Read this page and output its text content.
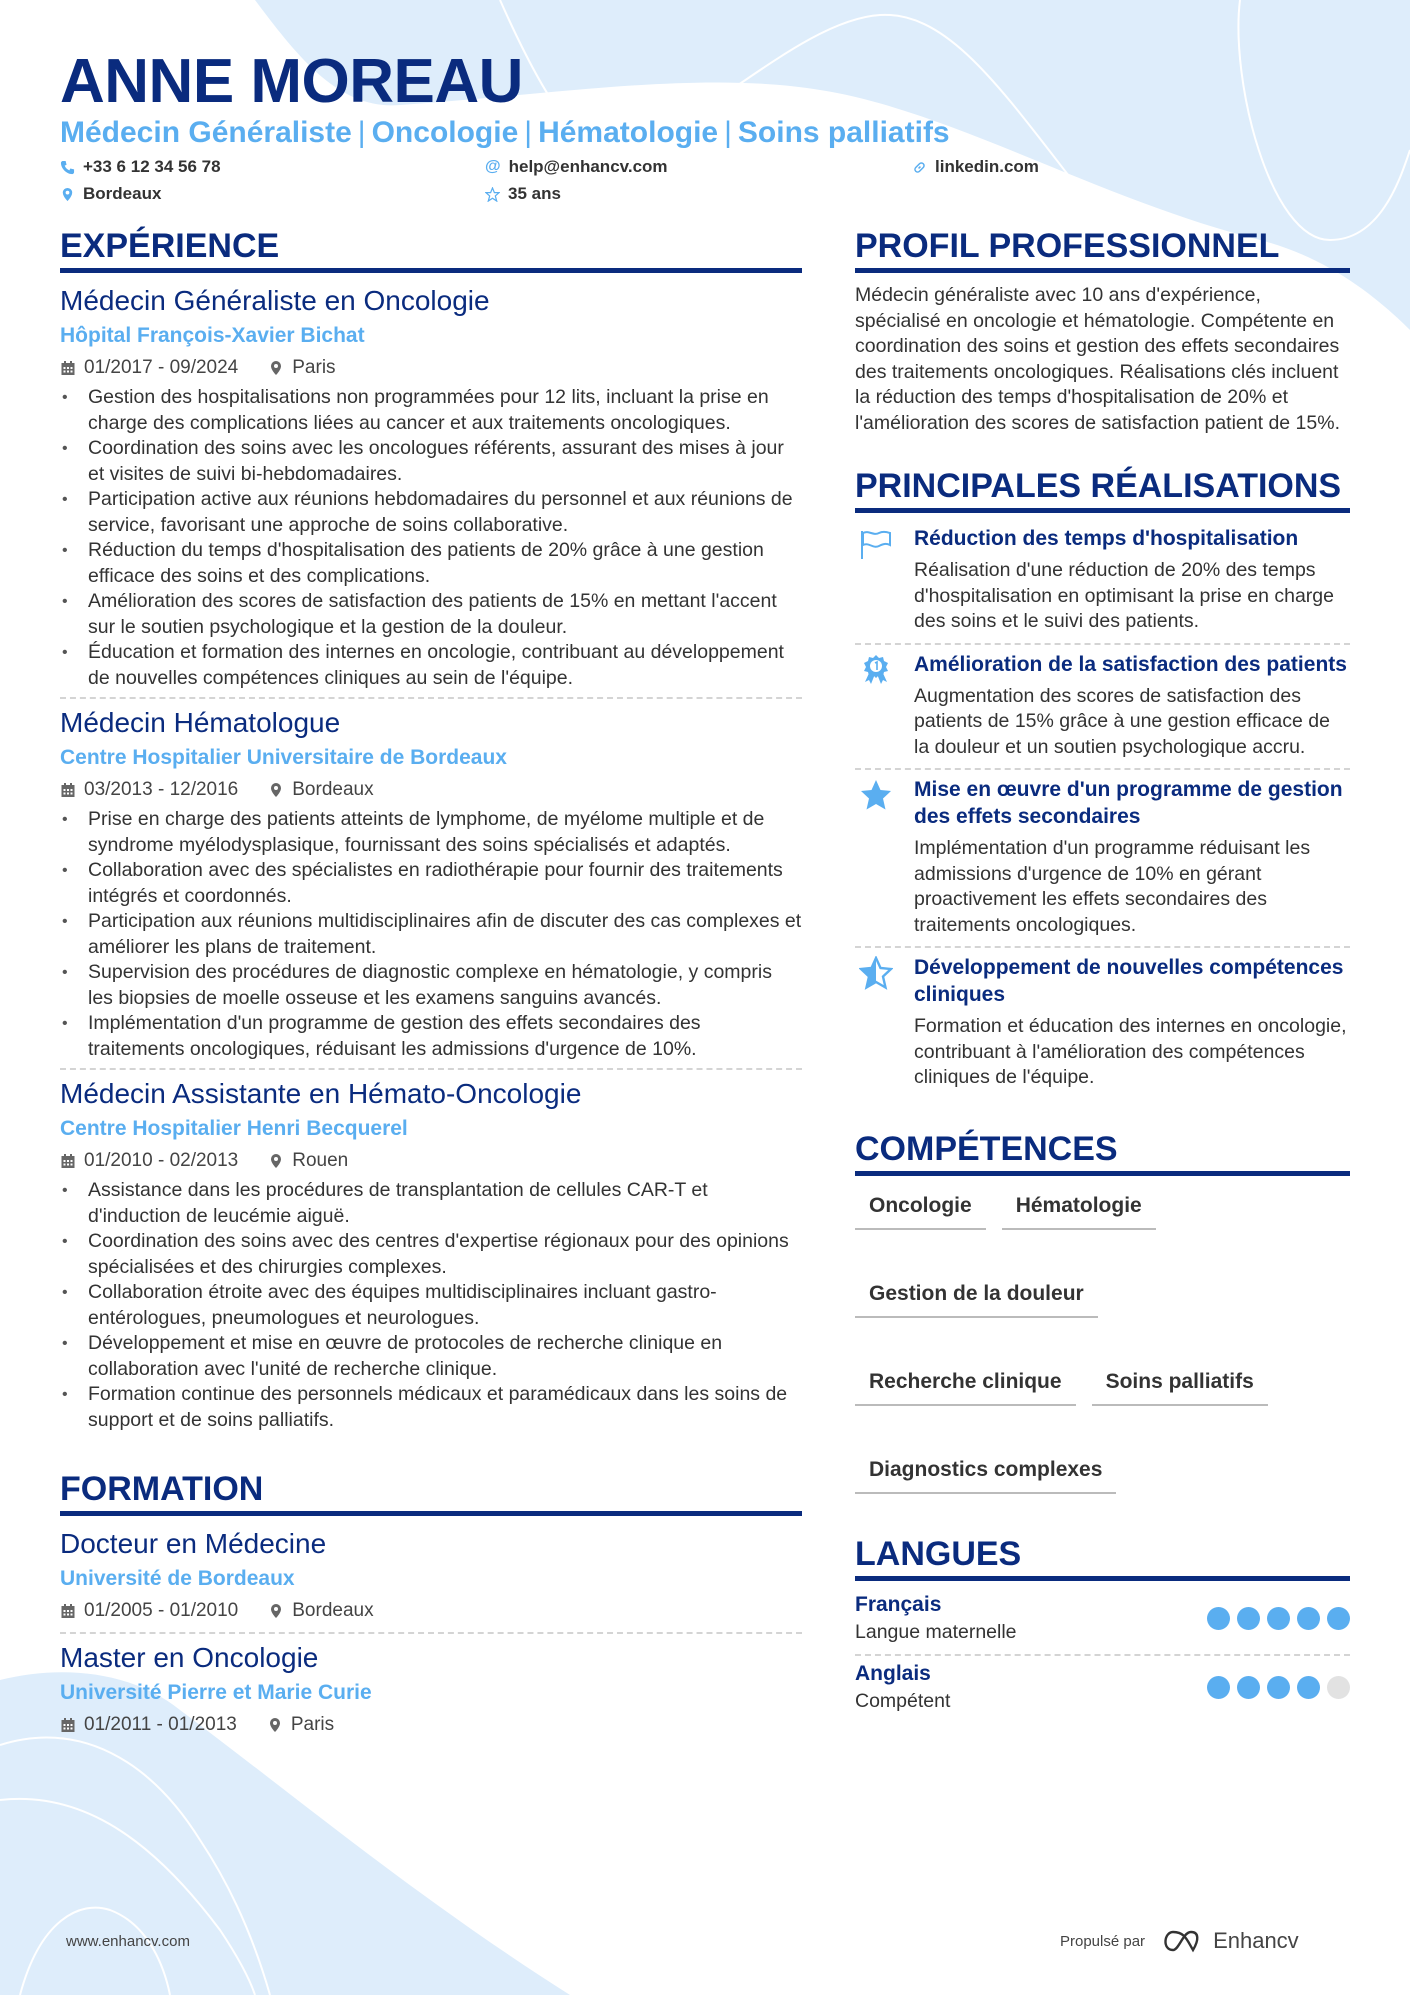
ANNE MOREAU
Médecin Généraliste | Oncologie | Hématologie | Soins palliatifs
+33 6 12 34 56 78	@ help@enhancv.com	linkedin.com
Bordeaux	35 ans
EXPÉRIENCE
Médecin Généraliste en Oncologie
Hôpital François-Xavier Bichat
01/2017 - 09/2024	Paris
• Gestion des hospitalisations non programmées pour 12 lits, incluant la prise en charge des complications liées au cancer et aux traitements oncologiques.
• Coordination des soins avec les oncologues référents, assurant des mises à jour et visites de suivi bi-hebdomadaires.
• Participation active aux réunions hebdomadaires du personnel et aux réunions de service, favorisant une approche de soins collaborative.
• Réduction du temps d'hospitalisation des patients de 20% grâce à une gestion efficace des soins et des complications.
• Amélioration des scores de satisfaction des patients de 15% en mettant l'accent sur le soutien psychologique et la gestion de la douleur.
• Éducation et formation des internes en oncologie, contribuant au développement de nouvelles compétences cliniques au sein de l'équipe.
Médecin Hématologue
Centre Hospitalier Universitaire de Bordeaux
03/2013 - 12/2016	Bordeaux
• Prise en charge des patients atteints de lymphome, de myélome multiple et de syndrome myélodysplasique, fournissant des soins spécialisés et adaptés.
• Collaboration avec des spécialistes en radiothérapie pour fournir des traitements intégrés et coordonnés.
• Participation aux réunions multidisciplinaires afin de discuter des cas complexes et améliorer les plans de traitement.
• Supervision des procédures de diagnostic complexe en hématologie, y compris les biopsies de moelle osseuse et les examens sanguins avancés.
• Implémentation d'un programme de gestion des effets secondaires des traitements oncologiques, réduisant les admissions d'urgence de 10%.
Médecin Assistante en Hémato-Oncologie
Centre Hospitalier Henri Becquerel
01/2010 - 02/2013	Rouen
• Assistance dans les procédures de transplantation de cellules CAR-T et d'induction de leucémie aiguë.
• Coordination des soins avec des centres d'expertise régionaux pour des opinions spécialisées et des chirurgies complexes.
• Collaboration étroite avec des équipes multidisciplinaires incluant gastro-entérologues, pneumologues et neurologues.
• Développement et mise en œuvre de protocoles de recherche clinique en collaboration avec l'unité de recherche clinique.
• Formation continue des personnels médicaux et paramédicaux dans les soins de support et de soins palliatifs.
FORMATION
Docteur en Médecine
Université de Bordeaux
01/2005 - 01/2010	Bordeaux
Master en Oncologie
Université Pierre et Marie Curie
01/2011 - 01/2013	Paris
PROFIL PROFESSIONNEL
Médecin généraliste avec 10 ans d'expérience, spécialisé en oncologie et hématologie. Compétente en coordination des soins et gestion des effets secondaires des traitements oncologiques. Réalisations clés incluent la réduction des temps d'hospitalisation de 20% et l'amélioration des scores de satisfaction patient de 15%.
PRINCIPALES RÉALISATIONS
Réduction des temps d'hospitalisation
Réalisation d'une réduction de 20% des temps d'hospitalisation en optimisant la prise en charge des soins et le suivi des patients.
Amélioration de la satisfaction des patients
Augmentation des scores de satisfaction des patients de 15% grâce à une gestion efficace de la douleur et un soutien psychologique accru.
Mise en œuvre d'un programme de gestion des effets secondaires
Implémentation d'un programme réduisant les admissions d'urgence de 10% en gérant proactivement les effets secondaires des traitements oncologiques.
Développement de nouvelles compétences cliniques
Formation et éducation des internes en oncologie, contribuant à l'amélioration des compétences cliniques de l'équipe.
COMPÉTENCES
Oncologie	Hématologie
Gestion de la douleur
Recherche clinique	Soins palliatifs
Diagnostics complexes
LANGUES
Français
Langue maternelle
Anglais
Compétent
www.enhancv.com	Propulsé par	Enhancv
